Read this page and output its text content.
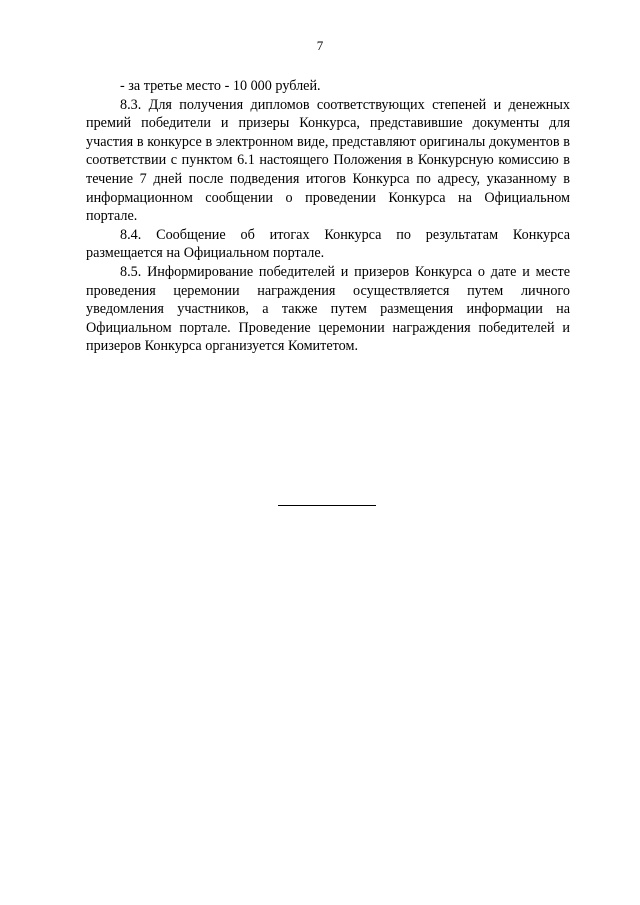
7

- за третье место - 10 000 рублей.

8.3. Для получения дипломов соответствующих степеней и денежных премий победители и призеры Конкурса, представившие документы для участия в конкурсе в электронном виде, представляют оригиналы документов в соответствии с пунктом 6.1 настоящего Положения в Конкурсную комиссию в течение 7 дней после подведения итогов Конкурса по адресу, указанному в информационном сообщении о проведении Конкурса на Официальном портале.

8.4. Сообщение об итогах Конкурса по результатам Конкурса размещается на Официальном портале.

8.5. Информирование победителей и призеров Конкурса о дате и месте проведения церемонии награждения осуществляется путем личного уведомления участников, а также путем размещения информации на Официальном портале. Проведение церемонии награждения победителей и призеров Конкурса организуется Комитетом.
